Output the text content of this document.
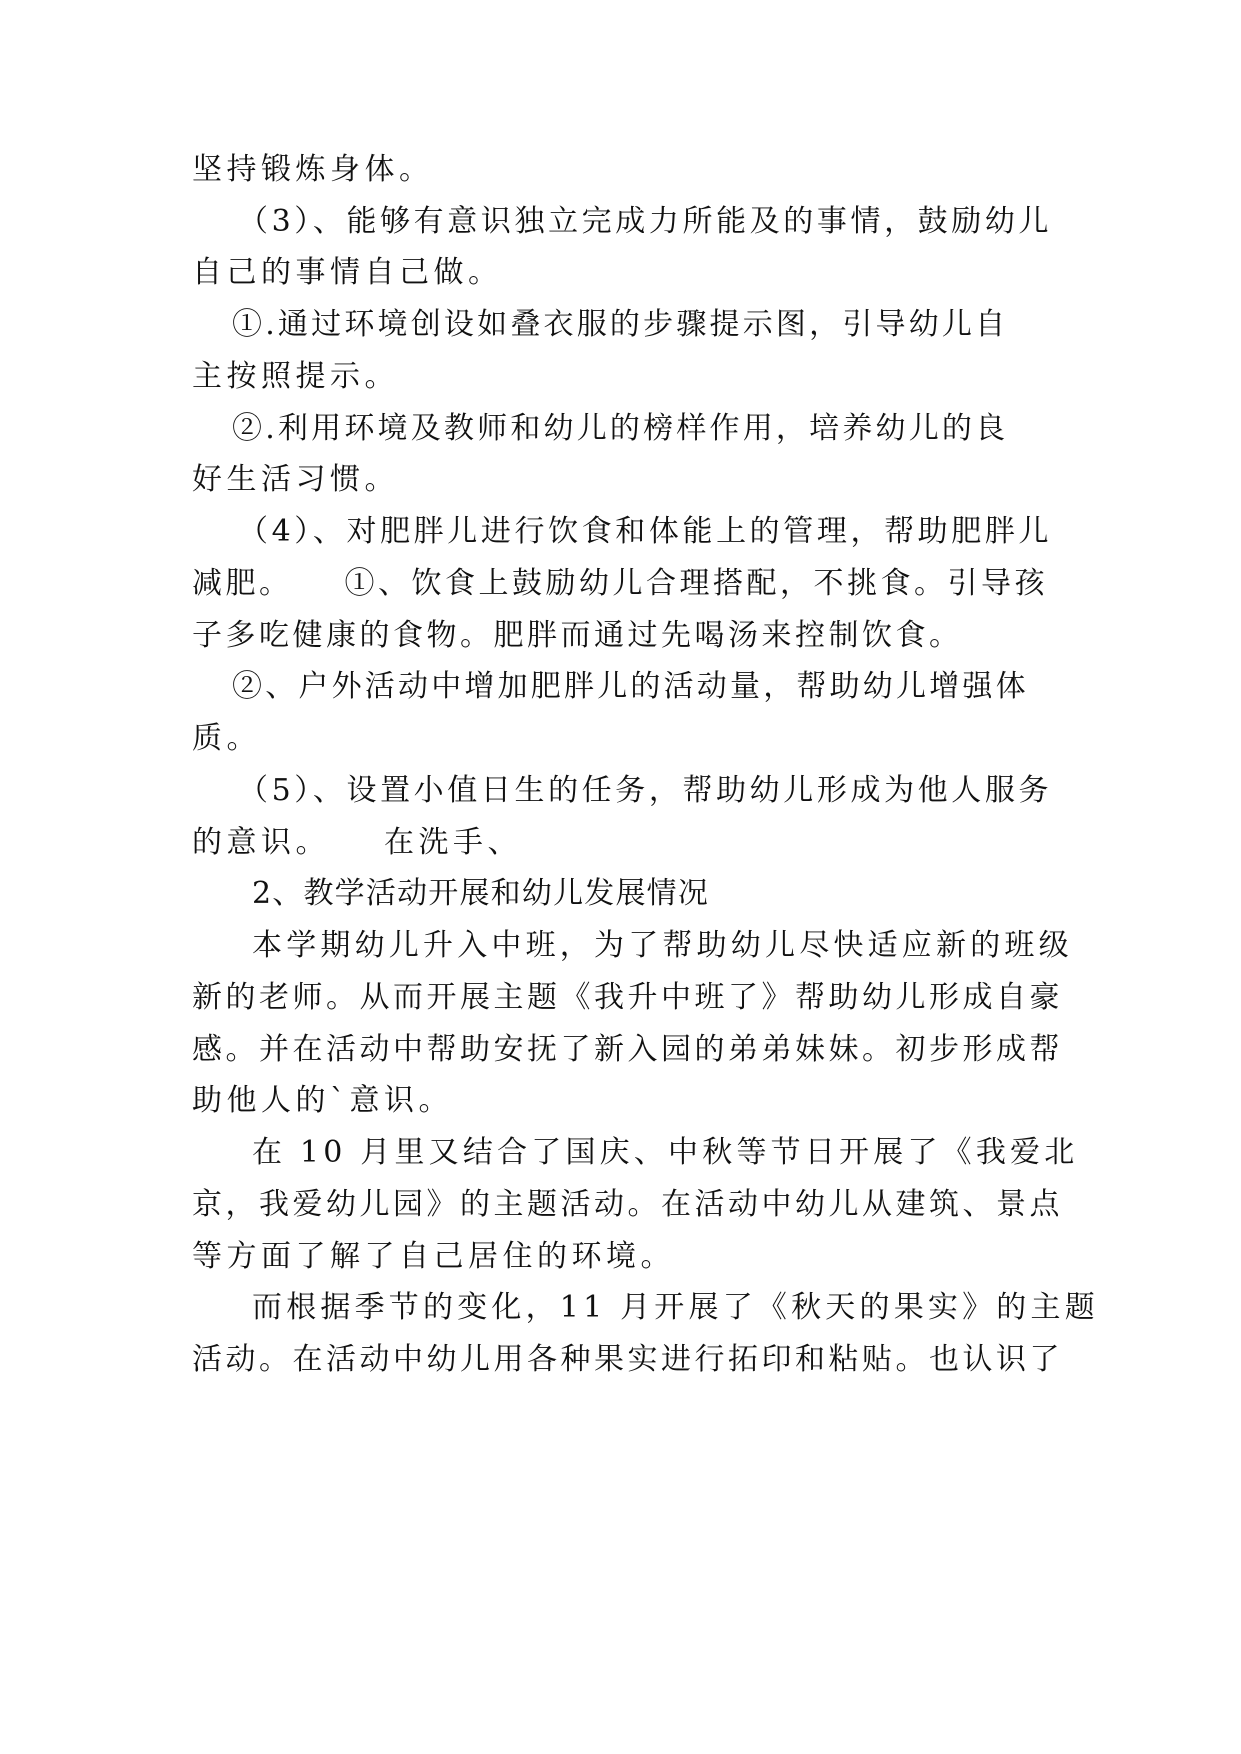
坚持锻炼身体。
（3）、能够有意识独立完成力所能及的事情，鼓励幼儿
自己的事情自己做。
①.通过环境创设如叠衣服的步骤提示图，引导幼儿自
主按照提示。
②.利用环境及教师和幼儿的榜样作用，培养幼儿的良
好生活习惯。
（4）、对肥胖儿进行饮食和体能上的管理，帮助肥胖儿
减肥。　　①、饮食上鼓励幼儿合理搭配，不挑食。引导孩
子多吃健康的食物。肥胖而通过先喝汤来控制饮食。
②、户外活动中增加肥胖儿的活动量，帮助幼儿增强体
质。
（5）、设置小值日生的任务，帮助幼儿形成为他人服务
的意识。　　在洗手、
2、教学活动开展和幼儿发展情况
本学期幼儿升入中班，为了帮助幼儿尽快适应新的班级
新的老师。从而开展主题《我升中班了》帮助幼儿形成自豪
感。并在活动中帮助安抚了新入园的弟弟妹妹。初步形成帮
助他人的`意识。
在 10 月里又结合了国庆、中秋等节日开展了《我爱北
京，我爱幼儿园》的主题活动。在活动中幼儿从建筑、景点
等方面了解了自己居住的环境。
而根据季节的变化，11 月开展了《秋天的果实》的主题
活动。在活动中幼儿用各种果实进行拓印和粘贴。也认识了
